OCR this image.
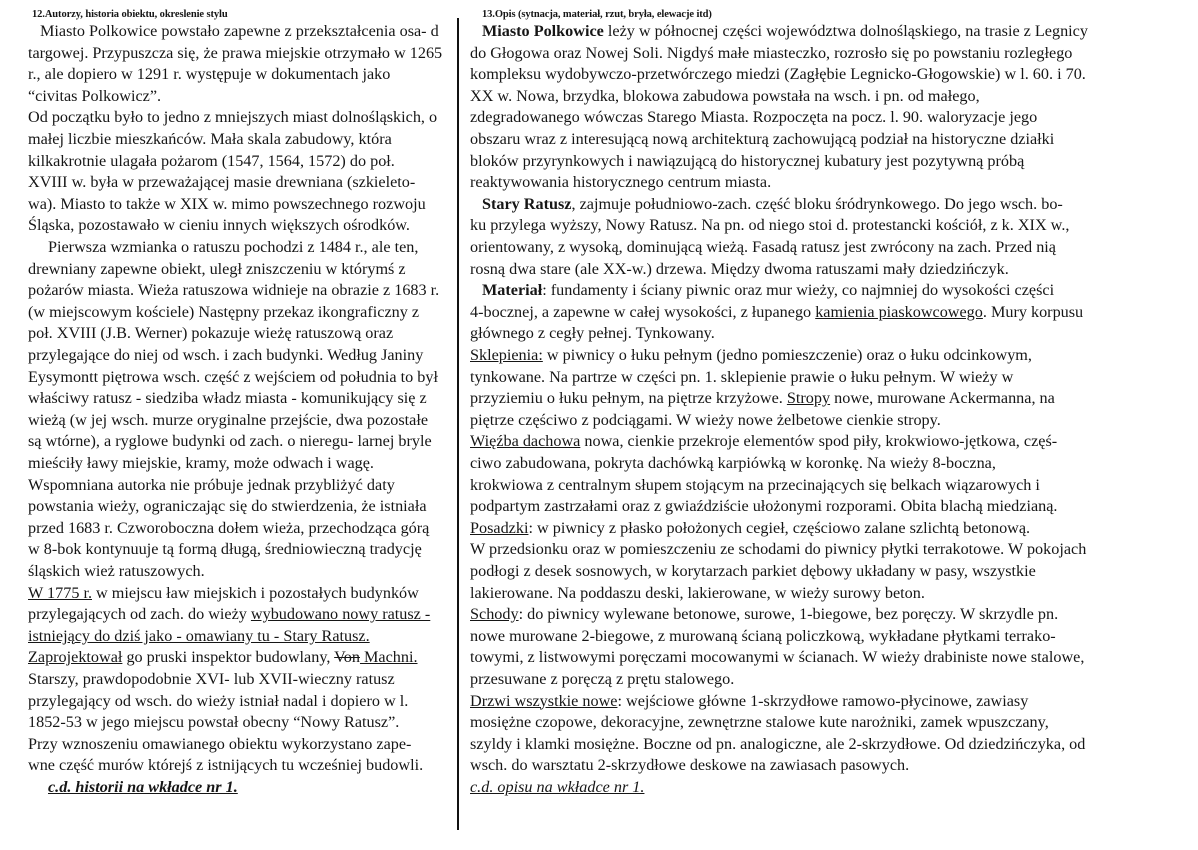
12.Autorzy, historia obiektu, okreslenie stylu
Miasto Polkowice powstało zapewne z przekształcenia osa- d
targowej. Przypuszcza się, że prawa miejskie otrzymało w 1265
r., ale dopiero w 1291 r. występuje w dokumentach jako
“civitas Polkowicz”.
Od początku było to jedno z mniejszych miast dolnośląskich, o
małej liczbie mieszkańców. Mała skala zabudowy, która
kilkakrotnie ulagała pożarom (1547, 1564, 1572) do poł.
XVIII w. była w przeważającej masie drewniana (szkieleto-
wa). Miasto to także w XIX w. mimo powszechnego rozwoju
Śląska, pozostawało w cieniu innych większych ośrodków.
Pierwsza wzmianka o ratuszu pochodzi z 1484 r., ale ten,
drewniany zapewne obiekt, uległ zniszczeniu w którymś z
pożarów miasta. Wieża ratuszowa widnieje na obrazie z 1683 r.
(w miejscowym kościele) Następny przekaz ikongraficzny z
poł. XVIII (J.B. Werner) pokazuje wieżę ratuszową oraz
przylegające do niej od wsch. i zach budynki. Według Janiny
Eysymontt piętrowa wsch. część z wejściem od południa to był
właściwy ratusz - siedziba władz miasta - komunikujący się z
wieżą (w jej wsch. murze oryginalne przejście, dwa pozostałe
są wtórne), a ryglowe budynki od zach. o nieregu- larnej bryle
mieściły ławy miejskie, kramy, może odwach i wagę.
Wspomniana autorka nie próbuje jednak przybliżyć daty
powstania wieży, ograniczając się do stwierdzenia, że istniała
przed 1683 r. Czworoboczna dołem wieża, przechodząca górą
w 8-bok kontynuuje tą formą długą, średniowieczną tradycję
śląskich wież ratuszowych.
W 1775 r. w miejscu ław miejskich i pozostałych budynków
przylegających od zach. do wieży wybudowano nowy ratusz -
istniejący do dziś jako - omawiany tu - Stary Ratusz.
Zaprojektował go pruski inspektor budowlany, Von Machni.
Starszy, prawdopodobnie XVI- lub XVII-wieczny ratusz
przylegający od wsch. do wieży istniał nadal i dopiero w l.
1852-53 w jego miejscu powstał obecny “Nowy Ratusz”.
Przy wznoszeniu omawianego obiektu wykorzystano zape-
wne część murów którejś z istnijących tu wcześniej budowli.
c.d. historii na wkładce nr 1.
13.Opis (sytnacja, materiał, rzut, bryła, elewacje itd)
Miasto Polkowice leży w północnej części województwa dolnośląskiego, na trasie z Legnicy
do Głogowa oraz Nowej Soli. Nigdyś małe miasteczko, rozrosło się po powstaniu rozległego
kompleksu wydobywczo-przetwórczego miedzi (Zagłębie Legnicko-Głogowskie) w l. 60. i 70.
XX w. Nowa, brzydka, blokowa zabudowa powstała na wsch. i pn. od małego,
zdegradowanego wówczas Starego Miasta. Rozpoczęta na pocz. l. 90. waloryzacje jego
obszaru wraz z interesującą nową architekturą zachowującą podział na historyczne działki
bloków przyrynkowych i nawiązującą do historycznej kubatury jest pozytywną próbą
reaktywowania historycznego centrum miasta.
Stary Ratusz, zajmuje południowo-zach. część bloku śródrynkowego. Do jego wsch. bo-
ku przylega wyższy, Nowy Ratusz. Na pn. od niego stoi d. protestancki kościół, z k. XIX w.,
orientowany, z wysoką, dominującą wieżą. Fasadą ratusz jest zwrócony na zach. Przed nią
rosną dwa stare (ale XX-w.) drzewa. Między dwoma ratuszami mały dziedzińczyk.
Materiał: fundamenty i ściany piwnic oraz mur wieży, co najmniej do wysokości części
4-bocznej, a zapewne w całej wysokości, z łupanego kamienia piaskowcowego. Mury korpusu
głównego z cegły pełnej. Tynkowany.
Sklepienia: w piwnicy o łuku pełnym (jedno pomieszczenie) oraz o łuku odcinkowym,
tynkowane. Na partrze w części pn. 1. sklepienie prawie o łuku pełnym. W wieży w
przyziemiu o łuku pełnym, na piętrze krzyżowe. Stropy nowe, murowane Ackermanna, na
piętrze częściwo z podciągami. W wieży nowe żelbetowe cienkie stropy.
Więźba dachowa nowa, cienkie przekroje elementów spod piły, krokwiowo-jętkowa, częś-
ciwo zabudowana, pokryta dachówką karpiówką w koronkę. Na wieży 8-boczna,
krokwiowa z centralnym słupem stojącym na przecinających się belkach wiązarowych i
podpartym zastrzałami oraz z gwiaździście ułożonymi rozporami. Obita blachą miedzianą.
Posadzki: w piwnicy z płasko położonych cegieł, częściowo zalane szlichtą betonową.
W przedsionku oraz w pomieszczeniu ze schodami do piwnicy płytki terrakotowe. W pokojach
podłogi z desek sosnowych, w korytarzach parkiet dębowy układany w pasy, wszystkie
lakierowane. Na poddaszu deski, lakierowane, w wieży surowy beton.
Schody: do piwnicy wylewane betonowe, surowe, 1-biegowe, bez poręczy. W skrzydle pn.
nowe murowane 2-biegowe, z murowaną ścianą policzkową, wykładane płytkami terrako-
towymi, z listwowymi poręczami mocowanymi w ścianach. W wieży drabiniste nowe stalowe,
przesuwane z poręczą z prętu stalowego.
Drzwi wszystkie nowe: wejściowe główne 1-skrzydłowe ramowo-płycinowe, zawiasy
mosiężne czopowe, dekoracyjne, zewnętrzne stalowe kute narożniki, zamek wpuszczany,
szyldy i klamki mosiężne. Boczne od pn. analogiczne, ale 2-skrzydłowe. Od dziedzińczyka, od
wsch. do warsztatu 2-skrzydłowe deskowe na zawiasach pasowych.
c.d. opisu na wkładce nr 1.
